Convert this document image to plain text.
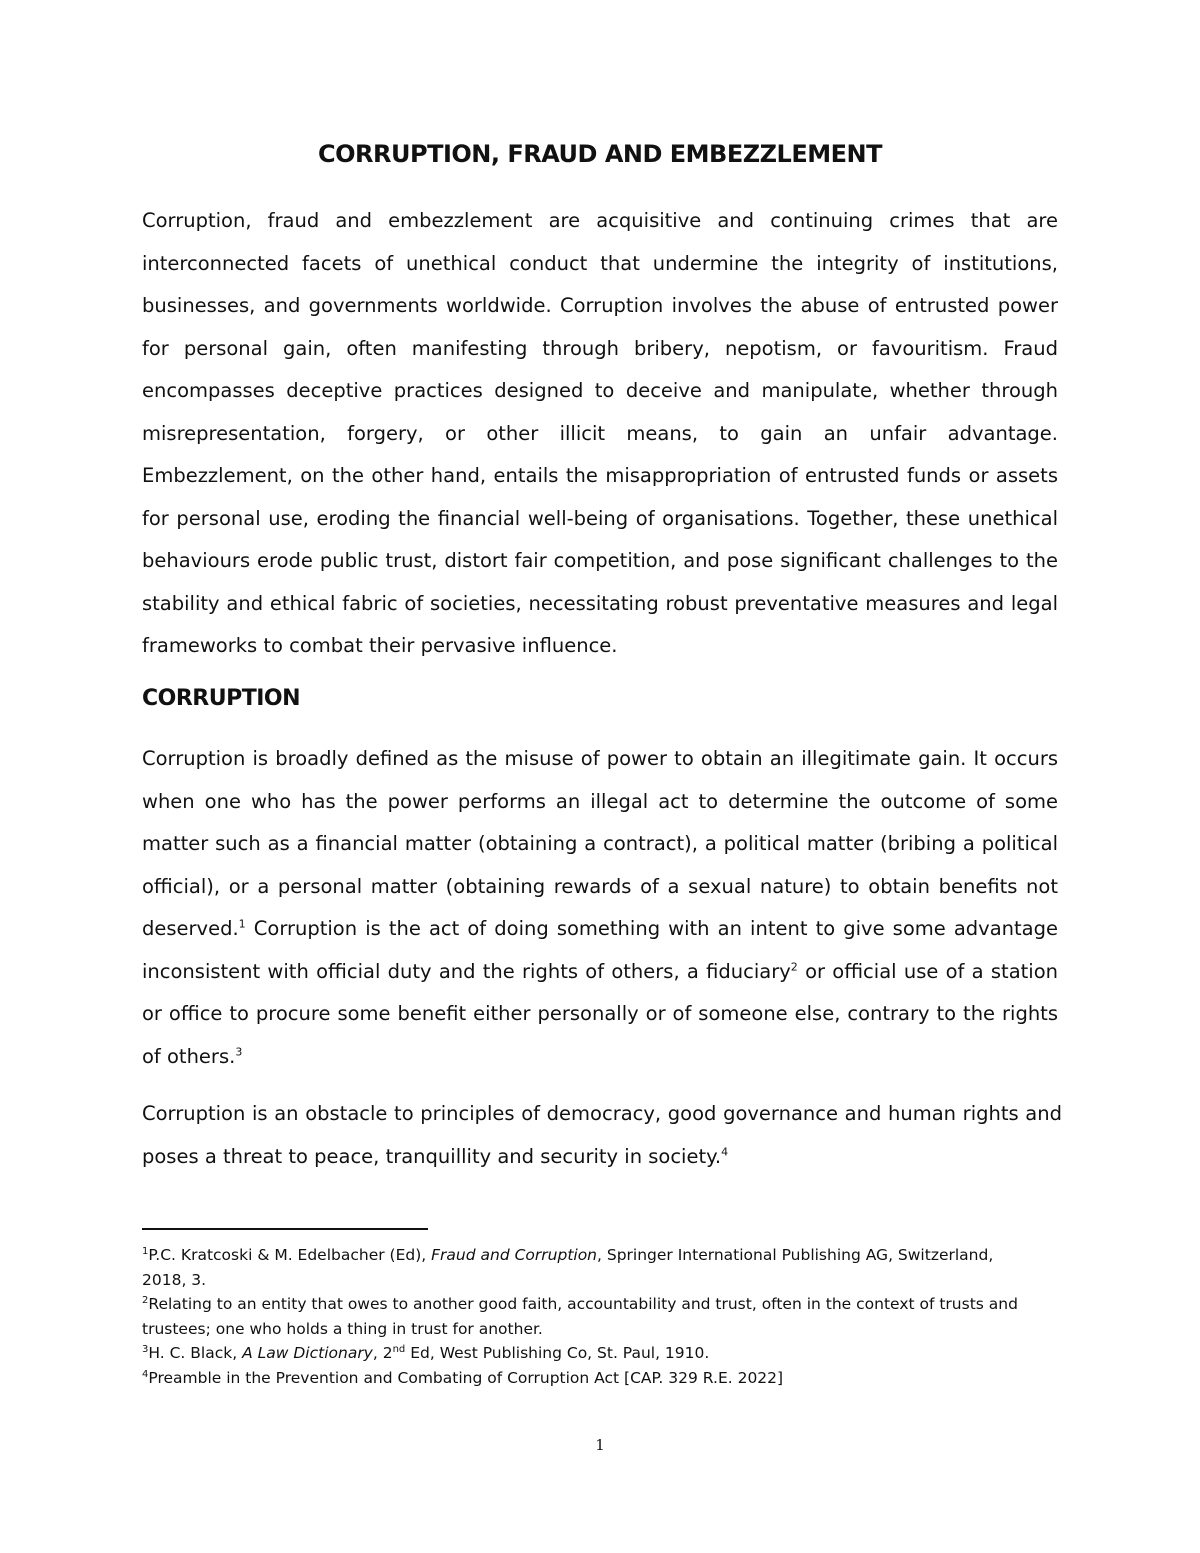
CORRUPTION, FRAUD AND EMBEZZLEMENT

Corruption, fraud and embezzlement are acquisitive and continuing crimes that are interconnected facets of unethical conduct that undermine the integrity of institutions, businesses, and governments worldwide. Corruption involves the abuse of entrusted power for personal gain, often manifesting through bribery, nepotism, or favouritism. Fraud encompasses deceptive practices designed to deceive and manipulate, whether through misrepresentation, forgery, or other illicit means, to gain an unfair advantage. Embezzlement, on the other hand, entails the misappropriation of entrusted funds or assets for personal use, eroding the financial well-being of organisations. Together, these unethical behaviours erode public trust, distort fair competition, and pose significant challenges to the stability and ethical fabric of societies, necessitating robust preventative measures and legal frameworks to combat their pervasive influence.

CORRUPTION

Corruption is broadly defined as the misuse of power to obtain an illegitimate gain. It occurs when one who has the power performs an illegal act to determine the outcome of some matter such as a financial matter (obtaining a contract), a political matter (bribing a political official), or a personal matter (obtaining rewards of a sexual nature) to obtain benefits not deserved.$^1$ Corruption is the act of doing something with an intent to give some advantage inconsistent with official duty and the rights of others, a fiduciary$^2$ or official use of a station or office to procure some benefit either personally or of someone else, contrary to the rights of others.$^3$

Corruption is an obstacle to principles of democracy, good governance and human rights and poses a threat to peace, tranquillity and security in society.$^4$

$^1$P.C. Kratcoski & M. Edelbacher (Ed), Fraud and Corruption, Springer International Publishing AG, Switzerland, 2018, 3.

$^2$Relating to an entity that owes to another good faith, accountability and trust, often in the context of trusts and trustees; one who holds a thing in trust for another.

$^3$H. C. Black, A Law Dictionary, 2nd Ed, West Publishing Co, St. Paul, 1910.

$^4$Preamble in the Prevention and Combating of Corruption Act [CAP. 329 R.E. 2022]

1
